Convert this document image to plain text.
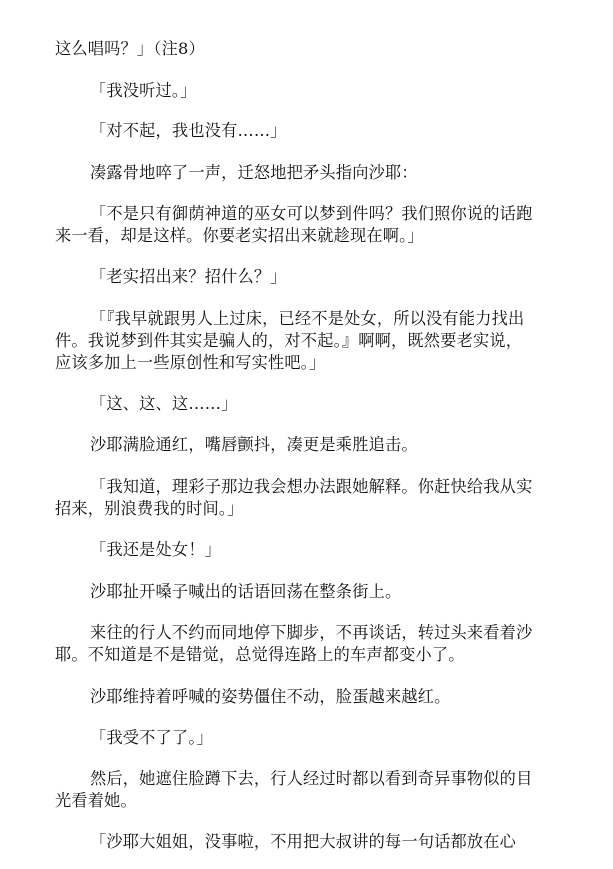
这么唱吗？」（注8）
「我没听过。」
「对不起，我也没有……」
凑露骨地啐了一声，迁怒地把矛头指向沙耶：
「不是只有御荫神道的巫女可以梦到件吗？我们照你说的话跑
来一看，却是这样。你要老实招出来就趁现在啊。」
「老实招出来？招什么？」
「『我早就跟男人上过床，已经不是处女，所以没有能力找出
件。我说梦到件其实是骗人的，对不起。』啊啊，既然要老实说，
应该多加上一些原创性和写实性吧。」
「这、这、这……」
沙耶满脸通红，嘴唇颤抖，凑更是乘胜追击。
「我知道，理彩子那边我会想办法跟她解释。你赶快给我从实
招来，别浪费我的时间。」
「我还是处女！」
沙耶扯开嗓子喊出的话语回荡在整条街上。
来往的行人不约而同地停下脚步，不再谈话，转过头来看着沙
耶。不知道是不是错觉，总觉得连路上的车声都变小了。
沙耶维持着呼喊的姿势僵住不动，脸蛋越来越红。
「我受不了了。」
然后，她遮住脸蹲下去，行人经过时都以看到奇异事物似的目
光看着她。
「沙耶大姐姐，没事啦，不用把大叔讲的每一句话都放在心
